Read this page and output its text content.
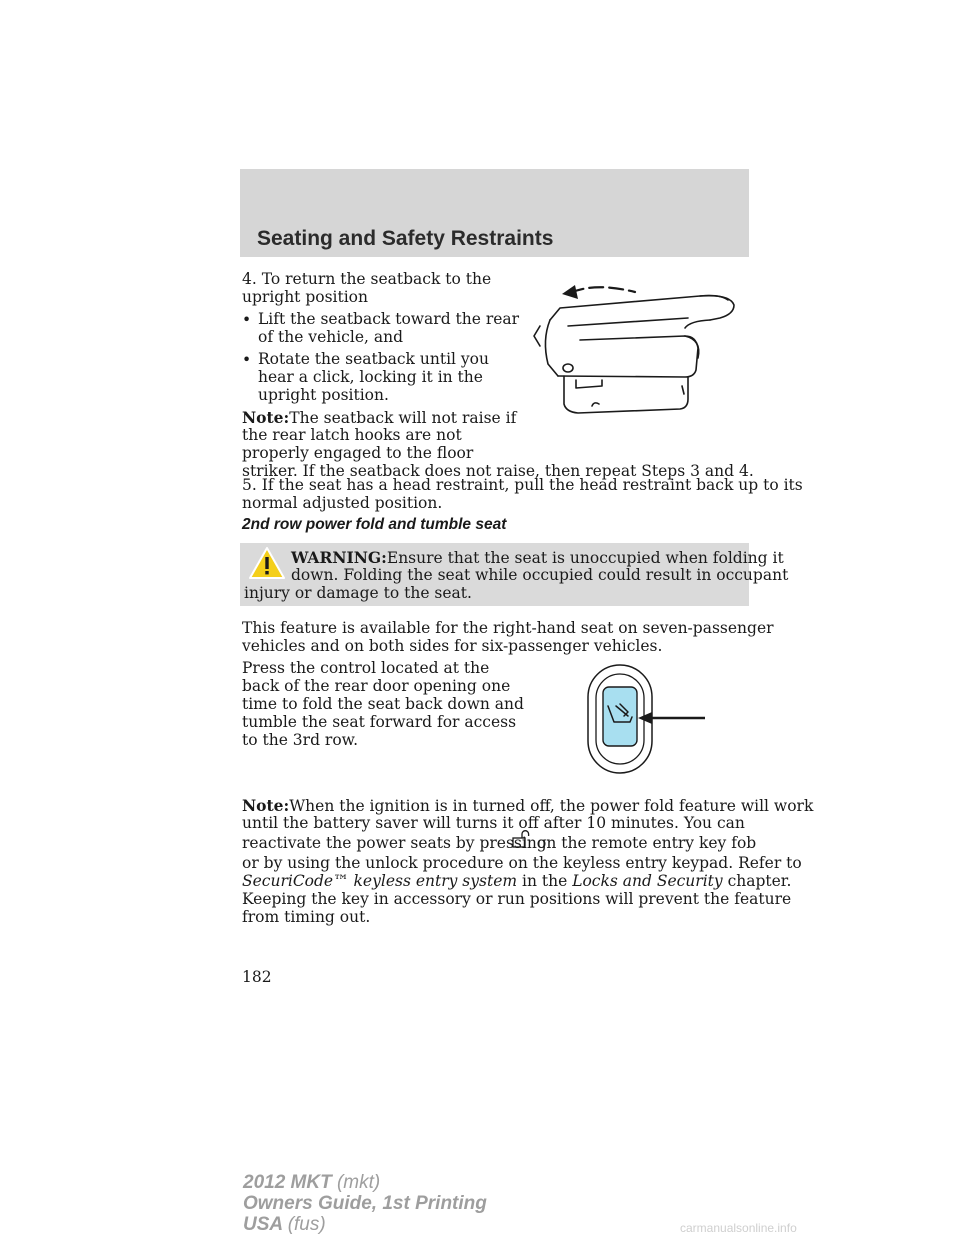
Seating and Safety Restraints
4. To return the seatback to the
upright position
• Lift the seatback toward the rear
of the vehicle, and
• Rotate the seatback until you
hear a click, locking it in the
upright position.
Note:The seatback will not raise if
the rear latch hooks are not
properly engaged to the floor
striker. If the seatback does not raise, then repeat Steps 3 and 4.
5. If the seat has a head restraint, pull the head restraint back up to its
normal adjusted position.
2nd row power fold and tumble seat
WARNING:Ensure that the seat is unoccupied when folding it
down. Folding the seat while occupied could result in occupant
injury or damage to the seat.
This feature is available for the right-hand seat on seven-passenger
vehicles and on both sides for six-passenger vehicles.
Press the control located at the
back of the rear door opening one
time to fold the seat back down and
tumble the seat forward for access
to the 3rd row.
Note:When the ignition is in turned off, the power fold feature will work
until the battery saver will turns it off after 10 minutes. You can
reactivate the power seats by pressing
on the remote entry key fob
or by using the unlock procedure on the keyless entry keypad. Refer to
SecuriCode™ keyless entry system in the Locks and Security chapter.
Keeping the key in accessory or run positions will prevent the feature
from timing out.
182
2012 MKT (mkt)
Owners Guide, 1st Printing
USA (fus)	carmanualsonline.info
